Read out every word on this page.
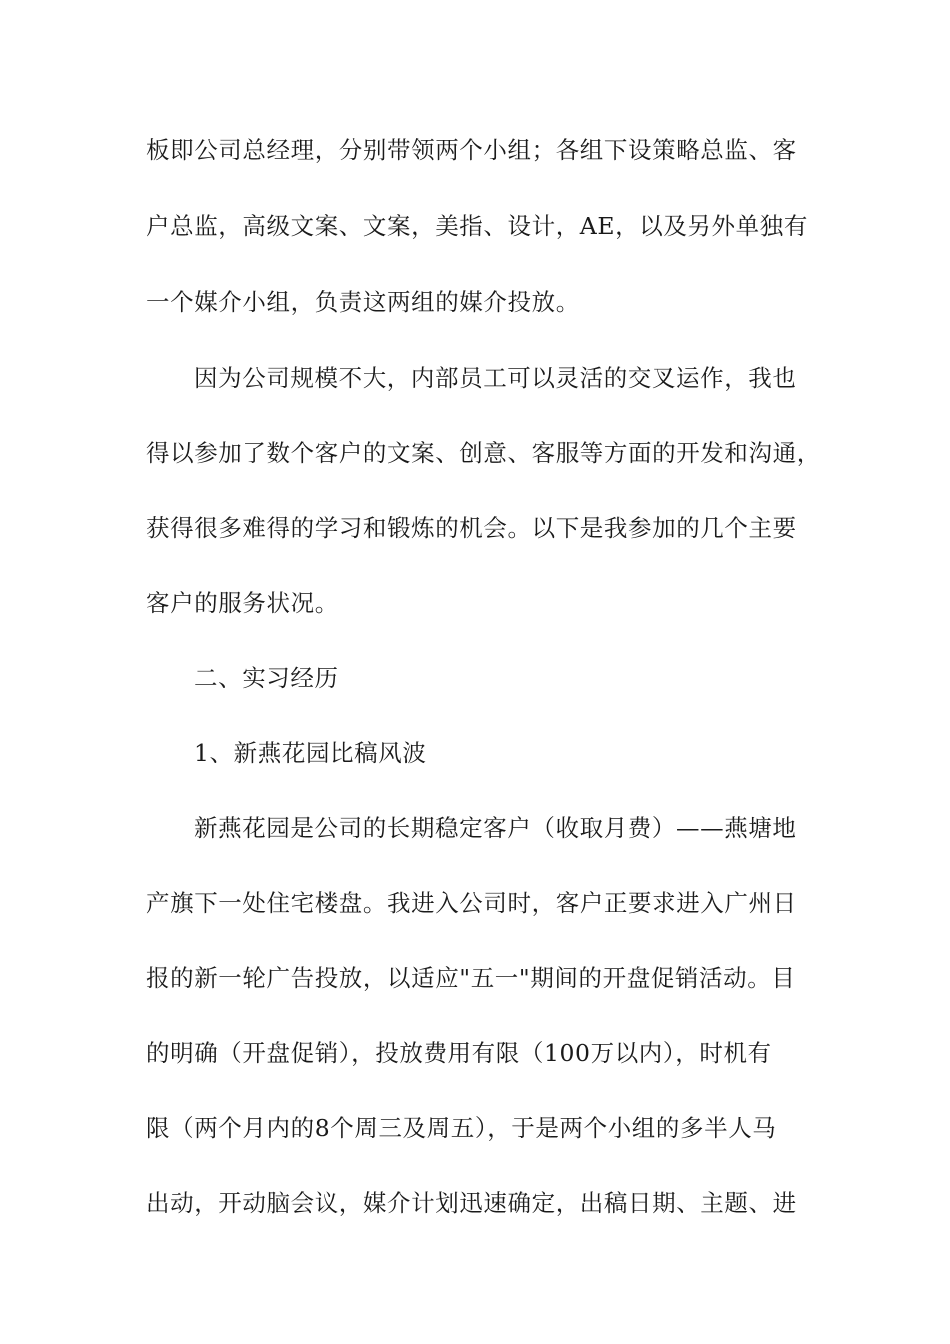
板即公司总经理，分别带领两个小组；各组下设策略总监、客
户总监，高级文案、文案，美指、设计，AE，以及另外单独有
一个媒介小组，负责这两组的媒介投放。
因为公司规模不大，内部员工可以灵活的交叉运作，我也
得以参加了数个客户的文案、创意、客服等方面的开发和沟通，
获得很多难得的学习和锻炼的机会。以下是我参加的几个主要
客户的服务状况。
二、实习经历
1、新燕花园比稿风波
新燕花园是公司的长期稳定客户（收取月费）——燕塘地
产旗下一处住宅楼盘。我进入公司时，客户正要求进入广州日
报的新一轮广告投放，以适应"五一"期间的开盘促销活动。目
的明确（开盘促销），投放费用有限（100万以内），时机有
限（两个月内的8个周三及周五），于是两个小组的多半人马
出动，开动脑会议，媒介计划迅速确定，出稿日期、主题、进
